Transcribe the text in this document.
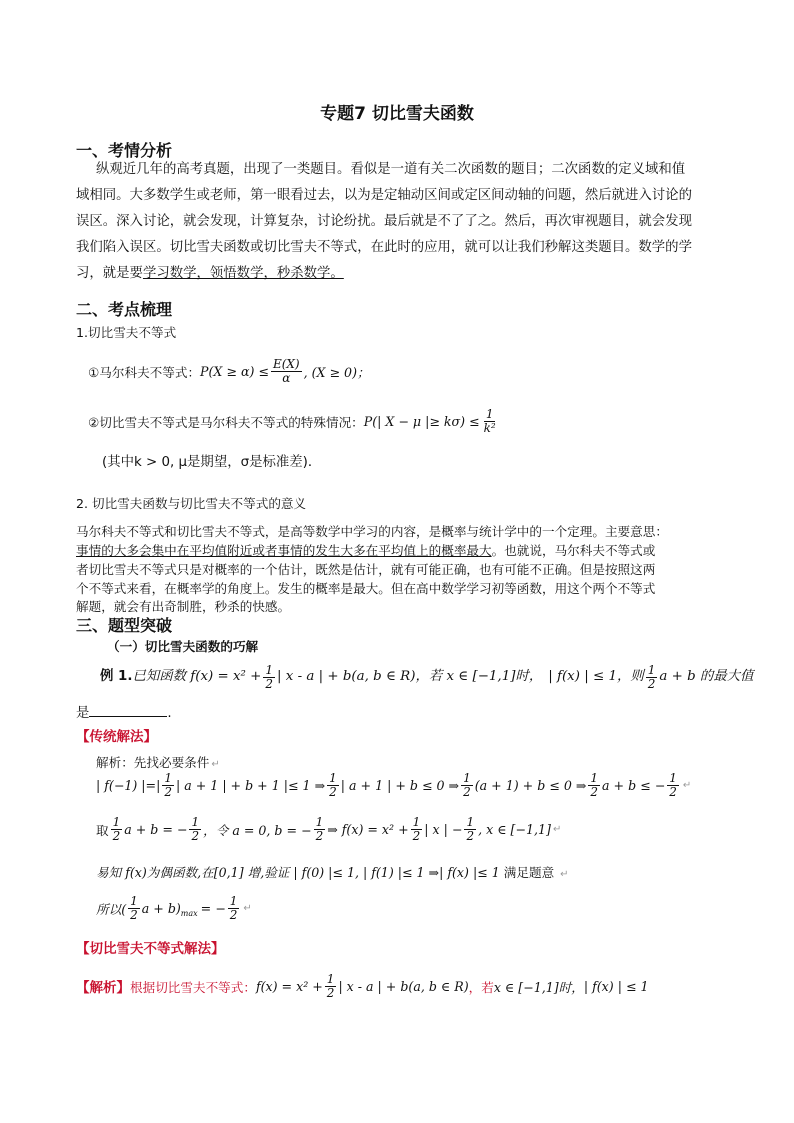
专题7 切比雪夫函数
一、考情分析
纵观近几年的高考真题，出现了一类题目。看似是一道有关二次函数的题目；二次函数的定义域和值
域相同。大多数学生或老师，第一眼看过去，以为是定轴动区间或定区间动轴的问题，然后就进入讨论的
误区。深入讨论，就会发现，计算复杂，讨论纷扰。最后就是不了了之。然后，再次审视题目，就会发现
我们陷入误区。切比雪夫函数或切比雪夫不等式，在此时的应用，就可以让我们秒解这类题目。数学的学
习，就是要学习数学，领悟数学，秒杀数学。
二、考点梳理
1.切比雪夫不等式
①马尔科夫不等式： $P(X \ge \alpha) \le \frac{E(X)}{\alpha}$ , (X ≥ 0)；
②切比雪夫不等式是马尔科夫不等式的特殊情况： P(| X − μ |≥ $k\sigma) \le \frac{1}{\text{k²}}$
(其中k > 0, μ是期望，σ是标准差)．
2. 切比雪夫函数与切比雪夫不等式的意义
马尔科夫不等式和切比雪夫不等式，是高等数学中学习的内容，是概率与统计学中的一个定理。主要意思：
事情的大多会集中在平均值附近或者事情的发生大多在平均值上的概率最大。也就说，马尔科夫不等式或
者切比雪夫不等式只是对概率的一个估计，既然是估计，就有可能正确，也有可能不正确。但是按照这两
个不等式来看，在概率学的角度上。发生的概率是最大。但在高中数学学习初等函数，用这个两个不等式
解题，就会有出奇制胜，秒杀的快感。
三、题型突破
（一）切比雪夫函数的巧解
例 1. 已知函数 $f(x) = x^2 + \frac{1}{2}$ | x - a | + b(a, b ∈ R)，若 x ∈ [−1,1]时， | f(x) | ≤ 1，则 $\frac{1}{2}$ a + b 的最大值
是	.
【传统解法】
解析：先找必要条件 ↵
| f(−1) |=| $\frac{1}{2}$ | a + 1 | + b + 1 |≤ 1 ⇒ $\frac{1}{2}$ | a + 1 | + b ≤ 0 ⇒ $\frac{1}{2} (a + 1) + b \le 0$ ⇒ $\frac{1}{2}$ a + b ≤ − $\frac{1}{2}$ ↵
取 $\frac{1}{2}$ a + b = − $\frac{1}{2}$ ，令 a = 0, b = − $\frac{1}{2}$ ⇒ $f(x) = x^2 + \frac{1}{2}$ | x | − $\frac{1}{2}$ , x ∈ [−1,1] ↵
易知 f(x)为偶函数,在[0,1] 增,验证 | f(0) |≤ 1, | f(1) |≤ 1 ⇒| f(x) |≤ 1 满足题意 ↵
所以( $\frac{1}{2}$ a + b) max = − $\frac{1}{2}$ ↵
【切比雪夫不等式解法】
【解析】 根据切比雪夫不等式： $f(x) = x^2 + \frac{1}{2}$ | x - a | + b(a, b ∈ R) ，若 x ∈ [−1,1]时， | f(x) | ≤ 1
